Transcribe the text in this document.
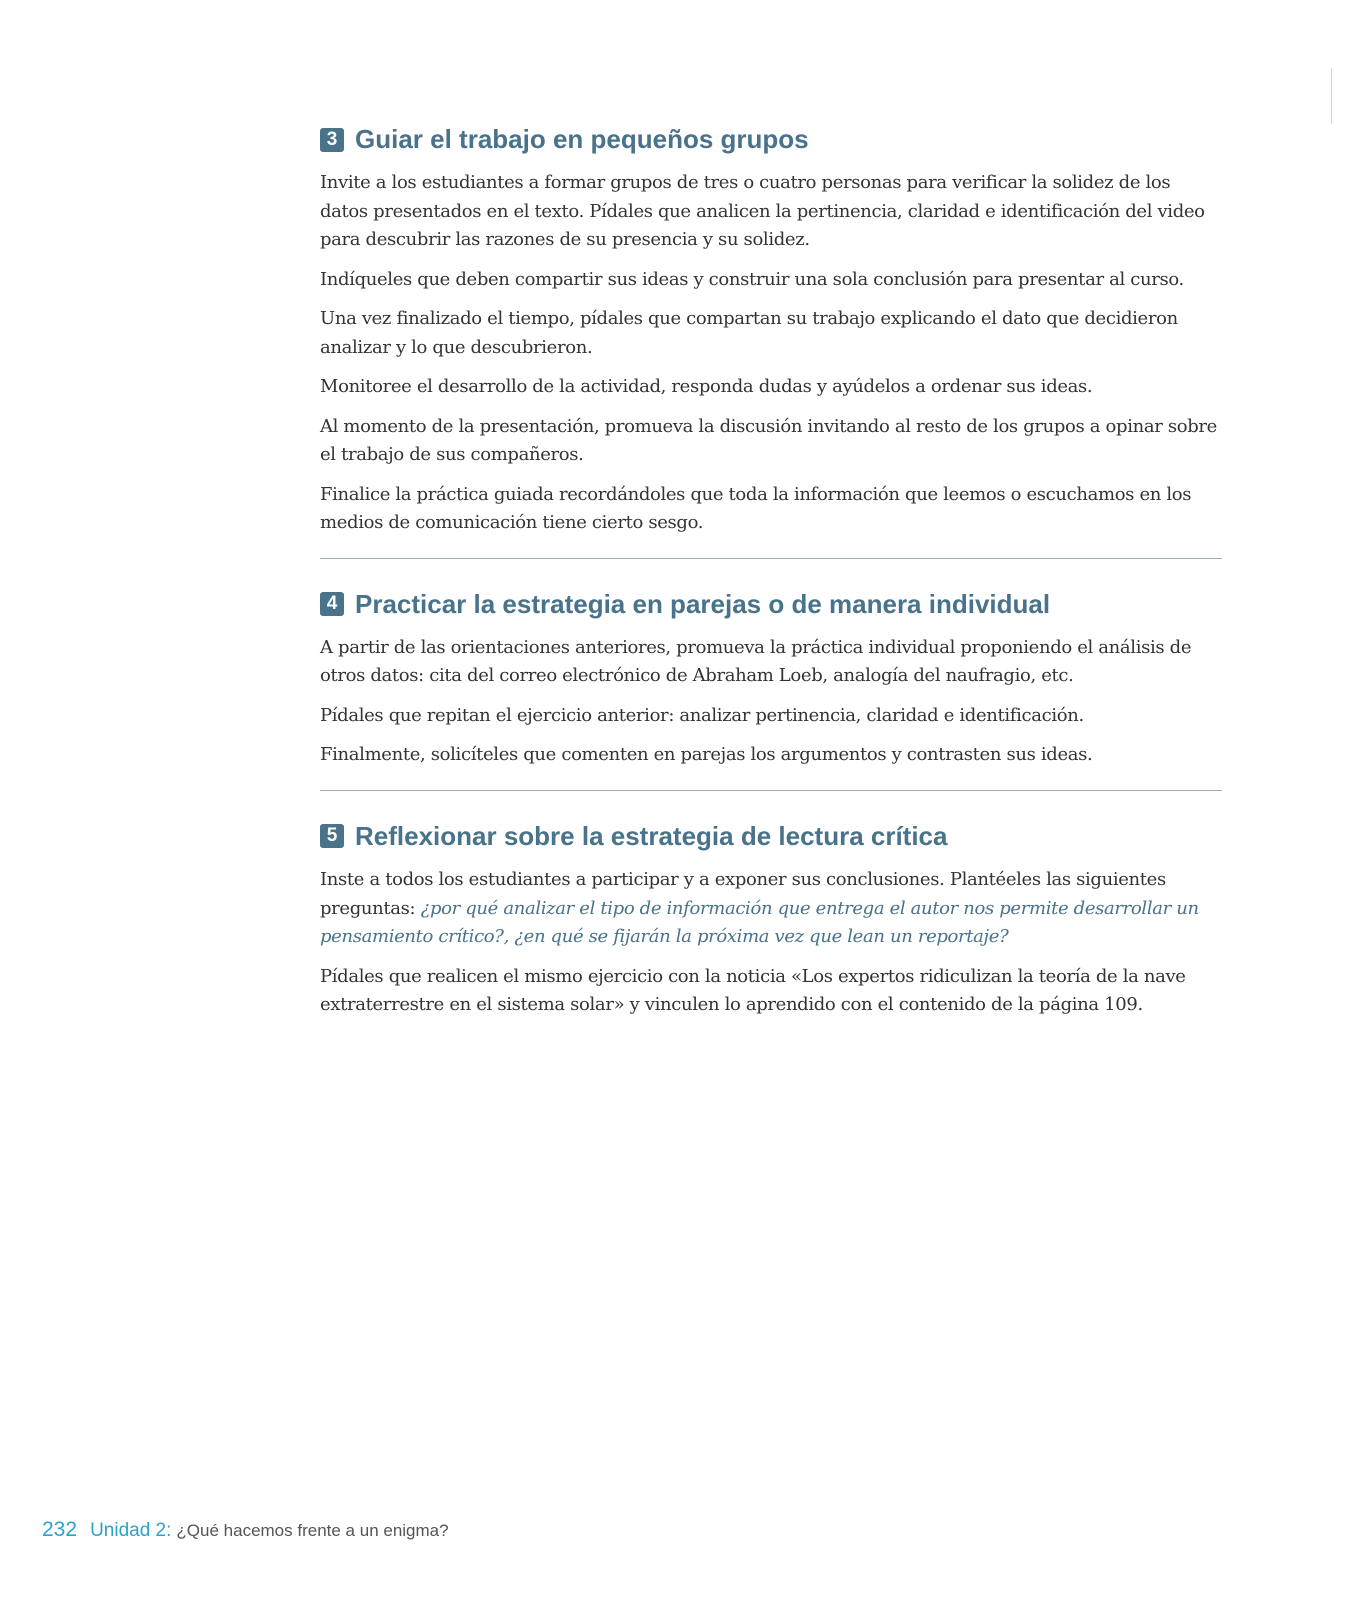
3 Guiar el trabajo en pequeños grupos

Invite a los estudiantes a formar grupos de tres o cuatro personas para verificar la solidez de los datos presentados en el texto. Pídales que analicen la pertinencia, claridad e identificación del video para descubrir las razones de su presencia y su solidez.

Indíqueles que deben compartir sus ideas y construir una sola conclusión para presentar al curso.

Una vez finalizado el tiempo, pídales que compartan su trabajo explicando el dato que decidieron analizar y lo que descubrieron.

Monitoree el desarrollo de la actividad, responda dudas y ayúdelos a ordenar sus ideas.

Al momento de la presentación, promueva la discusión invitando al resto de los grupos a opinar sobre el trabajo de sus compañeros.

Finalice la práctica guiada recordándoles que toda la información que leemos o escuchamos en los medios de comunicación tiene cierto sesgo.

4 Practicar la estrategia en parejas o de manera individual

A partir de las orientaciones anteriores, promueva la práctica individual proponiendo el análisis de otros datos: cita del correo electrónico de Abraham Loeb, analogía del naufragio, etc.

Pídales que repitan el ejercicio anterior: analizar pertinencia, claridad e identificación.

Finalmente, solicíteles que comenten en parejas los argumentos y contrasten sus ideas.

5 Reflexionar sobre la estrategia de lectura crítica

Inste a todos los estudiantes a participar y a exponer sus conclusiones. Plantéeles las siguientes preguntas: ¿por qué analizar el tipo de información que entrega el autor nos permite desarrollar un pensamiento crítico?, ¿en qué se fijarán la próxima vez que lean un reportaje?

Pídales que realicen el mismo ejercicio con la noticia «Los expertos ridiculizan la teoría de la nave extraterrestre en el sistema solar» y vinculen lo aprendido con el contenido de la página 109.

232 Unidad 2: ¿Qué hacemos frente a un enigma?
